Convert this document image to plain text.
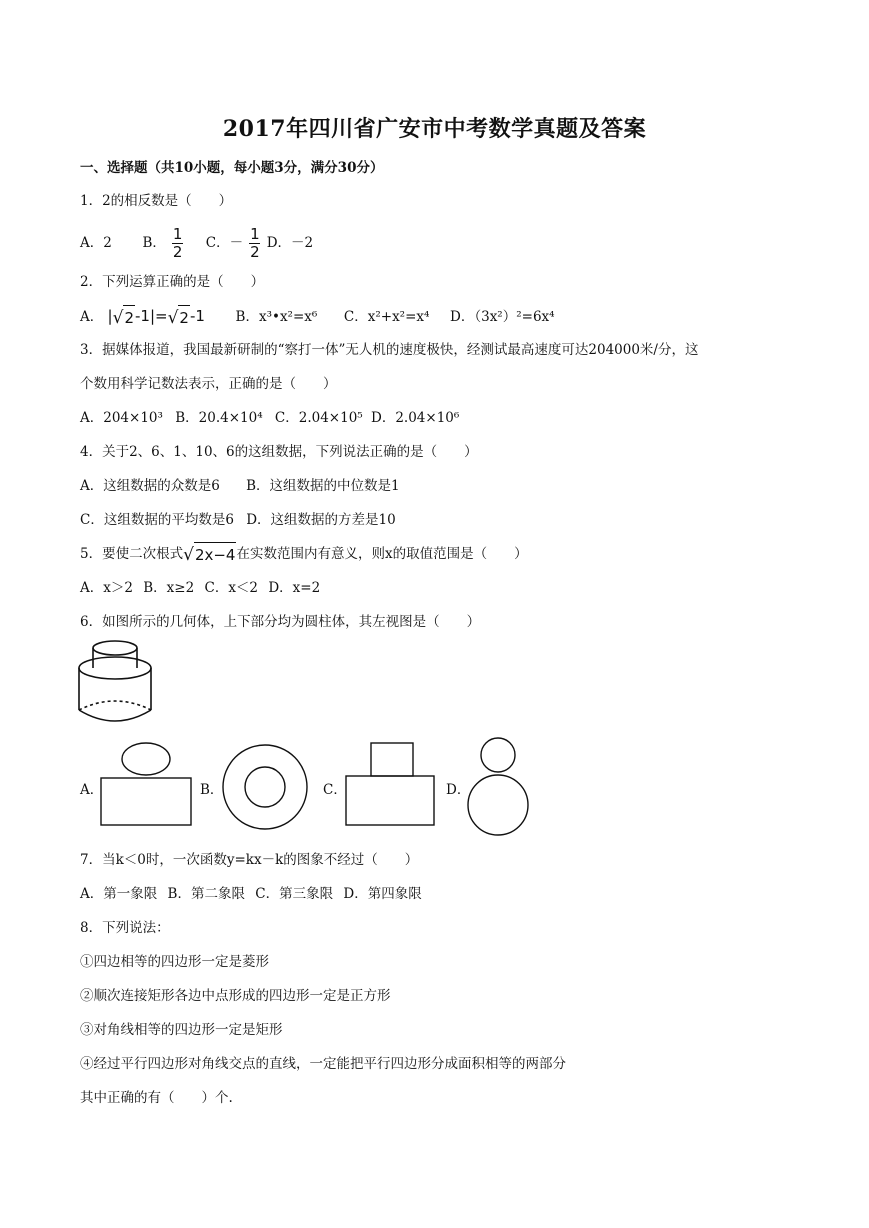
2017年四川省广安市中考数学真题及答案
一、选择题（共10小题，每小题3分，满分30分）
1．2的相反数是（　　）
A．2 B． $\frac{1}{2}$ C．－ $\frac{1}{2}$ D．－2
2．下列运算正确的是（　　）
A． | √ 2 -1|= √ 2 -1 B．x³•x²=x⁶ C．x²+x²=x⁴ D．（3x²）²=6x⁴
3．据媒体报道，我国最新研制的“察打一体”无人机的速度极快，经测试最高速度可达204000米/分，这
个数用科学记数法表示，正确的是（　　）
A．204×10³ B．20.4×10⁴ C．2.04×10⁵ D．2.04×10⁶
4．关于2、6、1、10、6的这组数据，下列说法正确的是（　　）
A．这组数据的众数是6 B．这组数据的中位数是1
C．这组数据的平均数是6 D．这组数据的方差是10
5．要使二次根式 √ 2x−4 在实数范围内有意义，则x的取值范围是（　　）
A．x＞2 B．x≥2 C．x＜2 D．x=2
6．如图所示的几何体，上下部分均为圆柱体，其左视图是（　　）
A．	B．	C．	D．
7．当k＜0时，一次函数y=kx－k的图象不经过（　　）
A．第一象限 B．第二象限 C．第三象限 D．第四象限
8．下列说法：
①四边相等的四边形一定是菱形
②顺次连接矩形各边中点形成的四边形一定是正方形
③对角线相等的四边形一定是矩形
④经过平行四边形对角线交点的直线，一定能把平行四边形分成面积相等的两部分
其中正确的有（　　）个.
